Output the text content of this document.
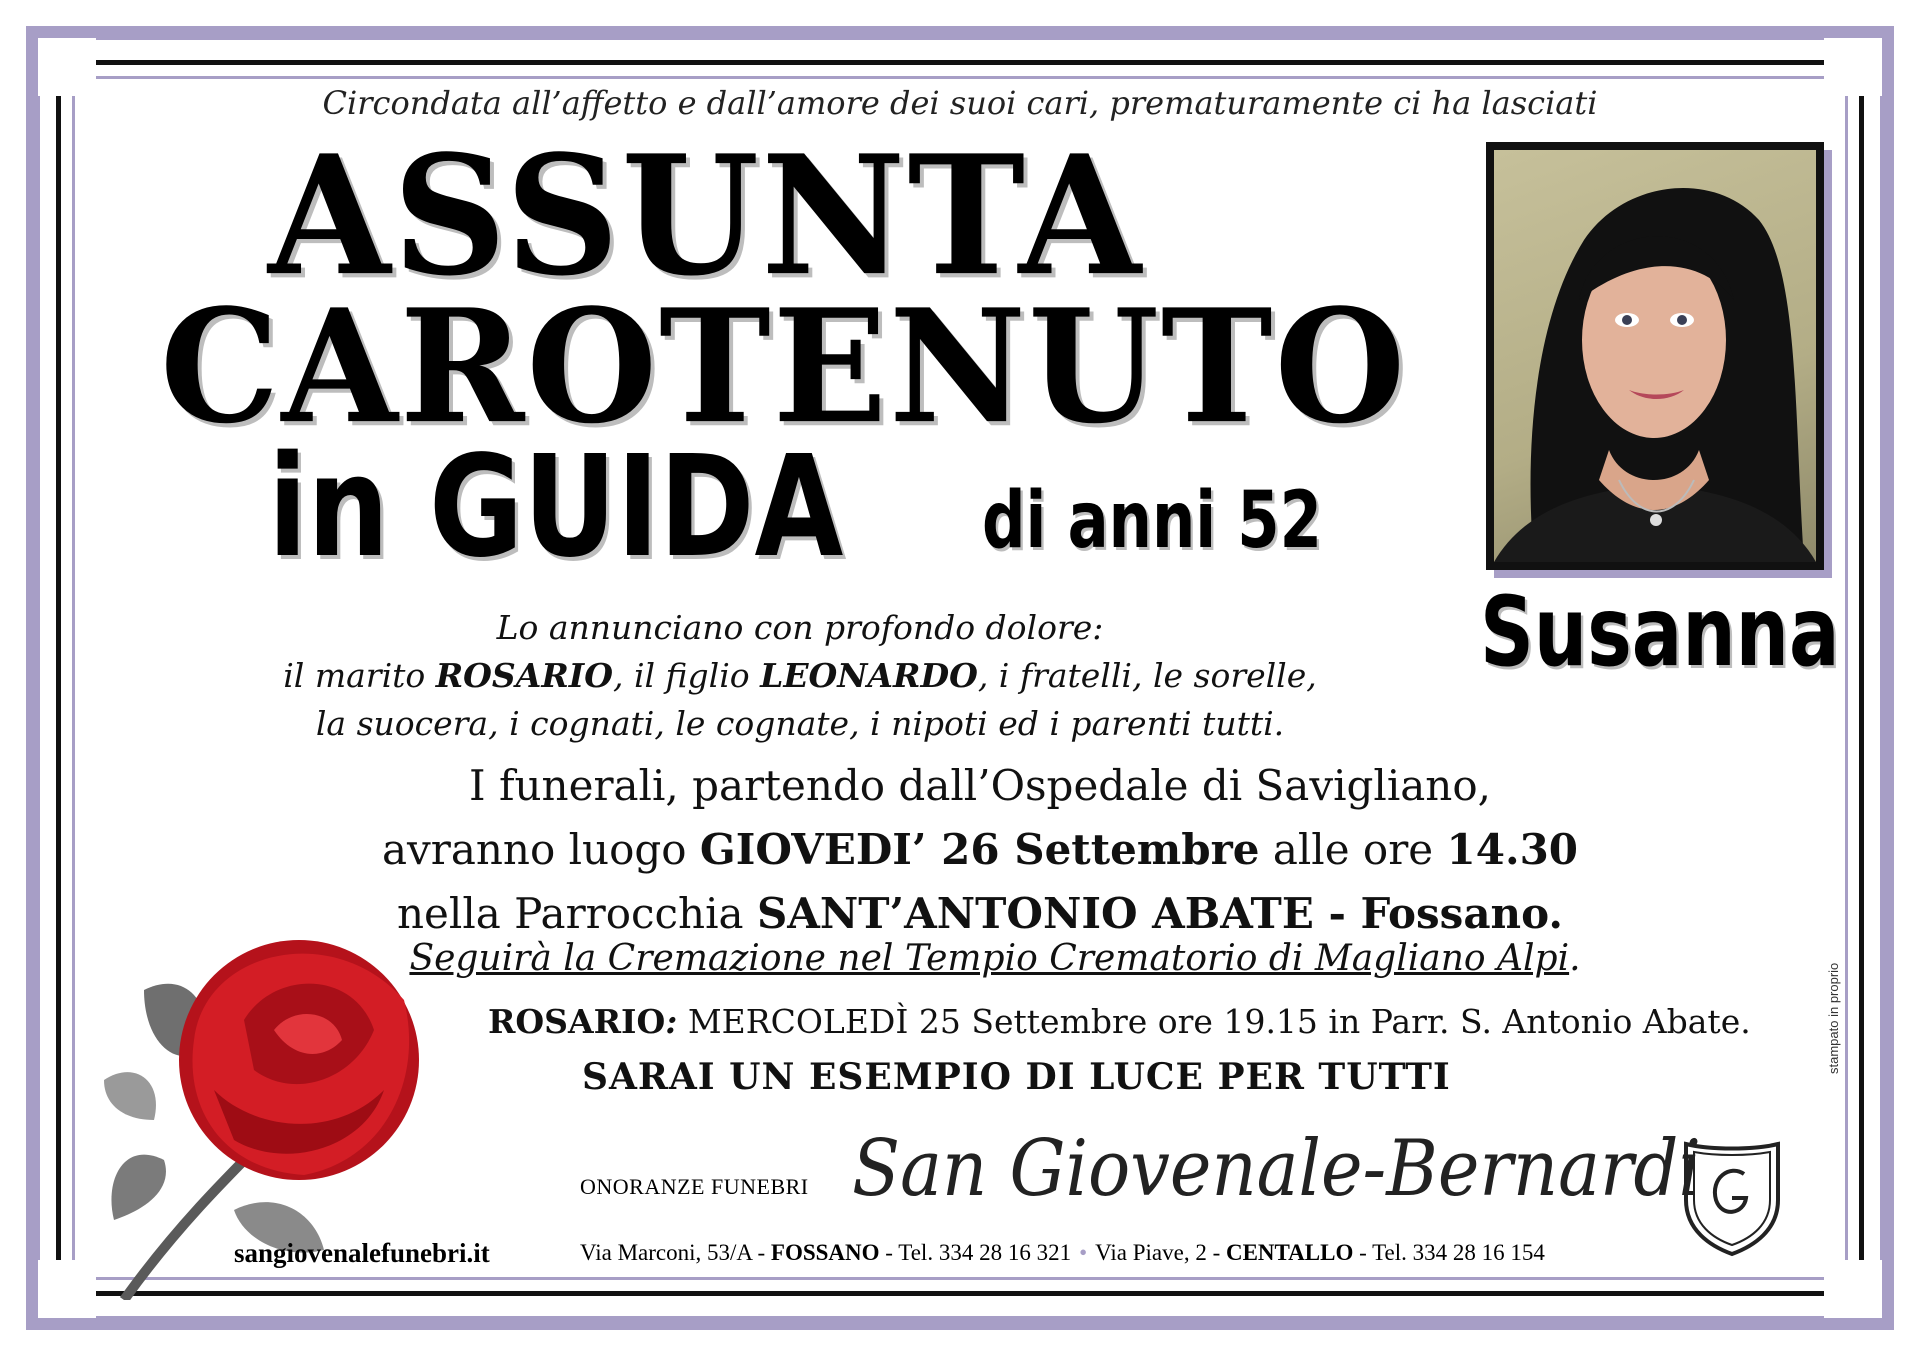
Circondata all’affetto e dall’amore dei suoi cari, prematuramente ci ha lasciati
ASSUNTA
CAROTENUTO
in GUIDA di anni 52
Susanna
Lo annunciano con profondo dolore:
il marito ROSARIO, il figlio LEONARDO, i fratelli, le sorelle,
la suocera, i cognati, le cognate, i nipoti ed i parenti tutti.
I funerali, partendo dall’Ospedale di Savigliano,
avranno luogo GIOVEDI’ 26 Settembre alle ore 14.30
nella Parrocchia SANT’ANTONIO ABATE - Fossano.
Seguirà la Cremazione nel Tempio Crematorio di Magliano Alpi.
ROSARIO: MERCOLEDÌ 25 Settembre ore 19.15 in Parr. S. Antonio Abate.
SARAI UN ESEMPIO DI LUCE PER TUTTI
sangiovenalefunebri.it
ONORANZE FUNEBRI San Giovenale-Bernardi
Via Marconi, 53/A - FOSSANO - Tel. 334 28 16 321 • Via Piave, 2 - CENTALLO - Tel. 334 28 16 154
stampato in proprio
